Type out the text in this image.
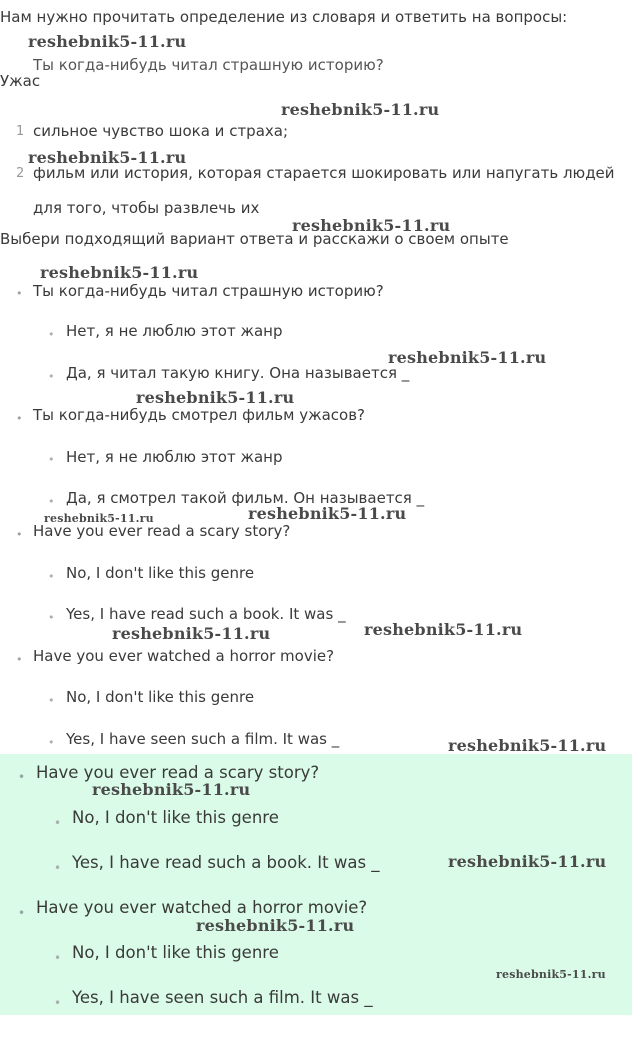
Нам нужно прочитать определение из словаря и ответить на вопросы:
Ты когда-нибудь читал страшную историю?
Ужас
1 сильное чувство шока и страха;
2 фильм или история, которая старается шокировать или напугать людей
для того, чтобы развлечь их
Выбери подходящий вариант ответа и расскажи о своем опыте
• Ты когда-нибудь читал страшную историю?
• Нет, я не люблю этот жанр
• Да, я читал такую книгу. Она называется _
• Ты когда-нибудь смотрел фильм ужасов?
• Нет, я не люблю этот жанр
• Да, я смотрел такой фильм. Он называется _
• Have you ever read a scary story?
• No, I don't like this genre
• Yes, I have read such a book. It was _
• Have you ever watched a horror movie?
• No, I don't like this genre
• Yes, I have seen such a film. It was _
• Have you ever read a scary story?
• No, I don't like this genre
• Yes, I have read such a book. It was _
• Have you ever watched a horror movie?
• No, I don't like this genre
• Yes, I have seen such a film. It was _
reshebnik5-11.ru
reshebnik5-11.ru
reshebnik5-11.ru
reshebnik5-11.ru
reshebnik5-11.ru
reshebnik5-11.ru
reshebnik5-11.ru
reshebnik5-11.ru	reshebnik5-11.ru
reshebnik5-11.ru	reshebnik5-11.ru
reshebnik5-11.ru
reshebnik5-11.ru
reshebnik5-11.ru
reshebnik5-11.ru
reshebnik5-11.ru
